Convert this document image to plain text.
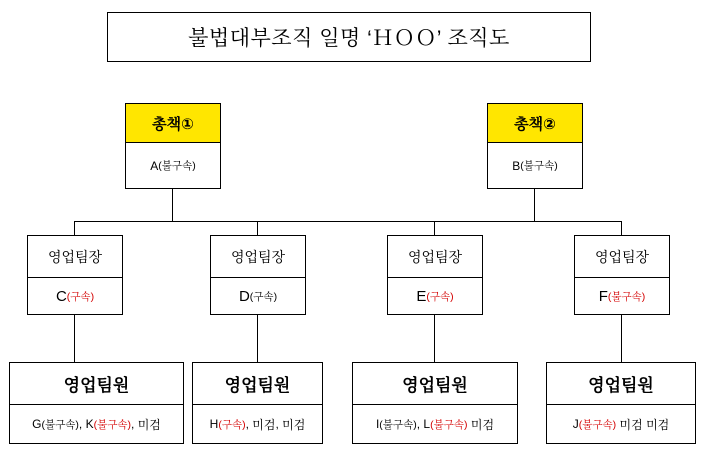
불법대부조직 일명 ‘ＨＯＯ’ 조직도
총책①
A (불구속)
총책②
B (불구속)
영업팀장
C (구속)
영업팀장
D (구속)
영업팀장
E (구속)
영업팀장
F (불구속)
영업팀원
G (불구속) , K (불구속) , 미검
영업팀원
H (구속) , 미검 , 미검
영업팀원
I (불구속) , L (불구속)
미검
영업팀원
J (불구속)
미검
미검
